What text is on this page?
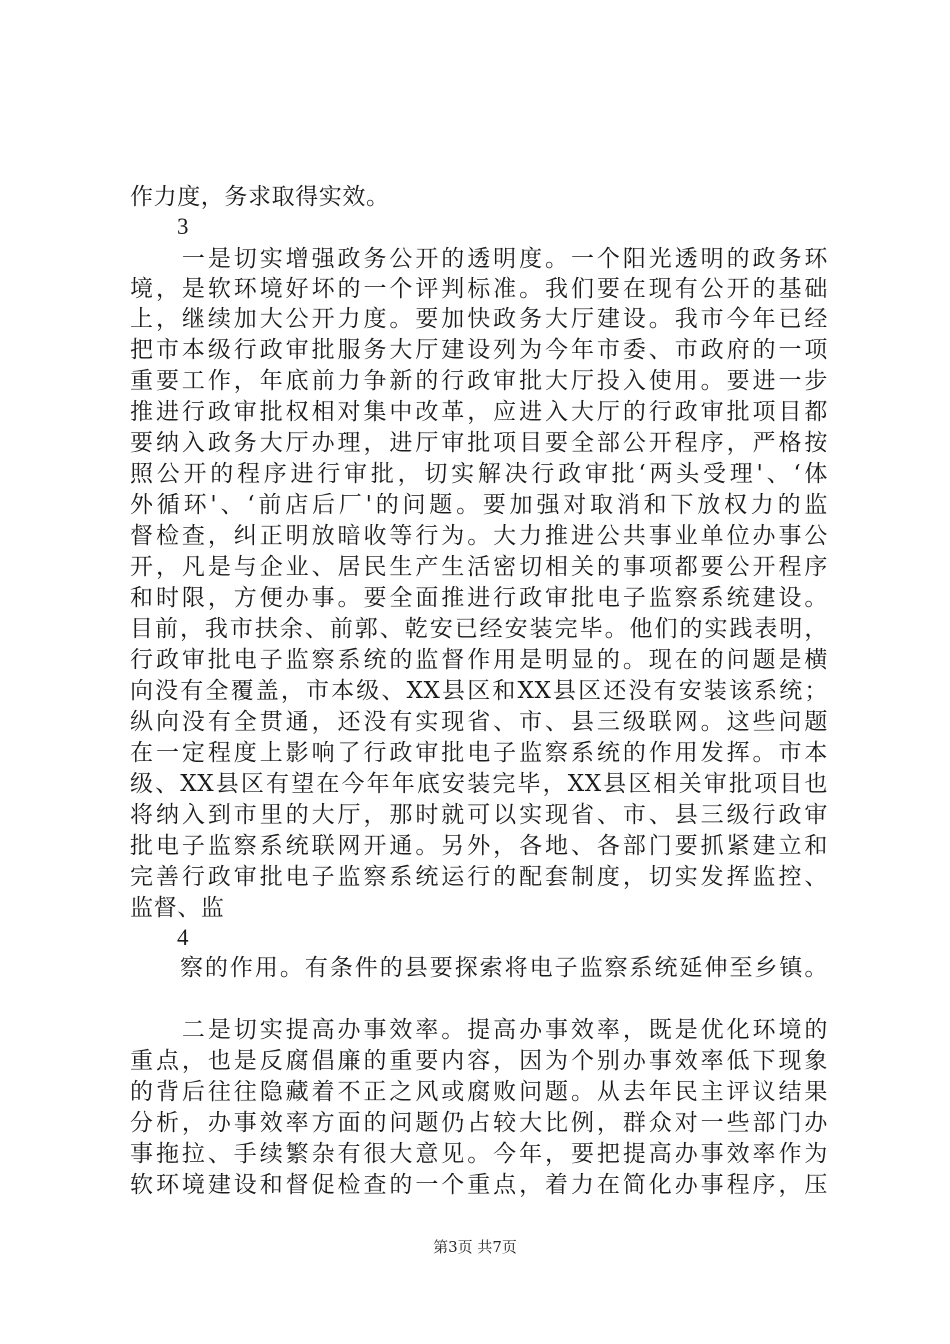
作力度，务求取得实效。
3
　　一是切实增强政务公开的透明度。一个阳光透明的政务环
境，是软环境好坏的一个评判标准。我们要在现有公开的基础
上，继续加大公开力度。要加快政务大厅建设。我市今年已经
把市本级行政审批服务大厅建设列为今年市委、市政府的一项
重要工作，年底前力争新的行政审批大厅投入使用。要进一步
推进行政审批权相对集中改革，应进入大厅的行政审批项目都
要纳入政务大厅办理，进厅审批项目要全部公开程序，严格按
照公开的程序进行审批，切实解决行政审批‘两头受理'、‘体
外循环'、‘前店后厂'的问题。要加强对取消和下放权力的监
督检查，纠正明放暗收等行为。大力推进公共事业单位办事公
开，凡是与企业、居民生产生活密切相关的事项都要公开程序
和时限，方便办事。要全面推进行政审批电子监察系统建设。
目前，我市扶余、前郭、乾安已经安装完毕。他们的实践表明，
行政审批电子监察系统的监督作用是明显的。现在的问题是横
向没有全覆盖，市本级、XX县区和XX县区还没有安装该系统；
纵向没有全贯通，还没有实现省、市、县三级联网。这些问题
在一定程度上影响了行政审批电子监察系统的作用发挥。市本
级、XX县区有望在今年年底安装完毕，XX县区相关审批项目也
将纳入到市里的大厅，那时就可以实现省、市、县三级行政审
批电子监察系统联网开通。另外，各地、各部门要抓紧建立和
完善行政审批电子监察系统运行的配套制度，切实发挥监控、
监督、监
4
　　察的作用。有条件的县要探索将电子监察系统延伸至乡镇。
　　二是切实提高办事效率。提高办事效率，既是优化环境的
重点，也是反腐倡廉的重要内容，因为个别办事效率低下现象
的背后往往隐藏着不正之风或腐败问题。从去年民主评议结果
分析，办事效率方面的问题仍占较大比例，群众对一些部门办
事拖拉、手续繁杂有很大意见。今年，要把提高办事效率作为
软环境建设和督促检查的一个重点，着力在简化办事程序，压
第3页 共7页
